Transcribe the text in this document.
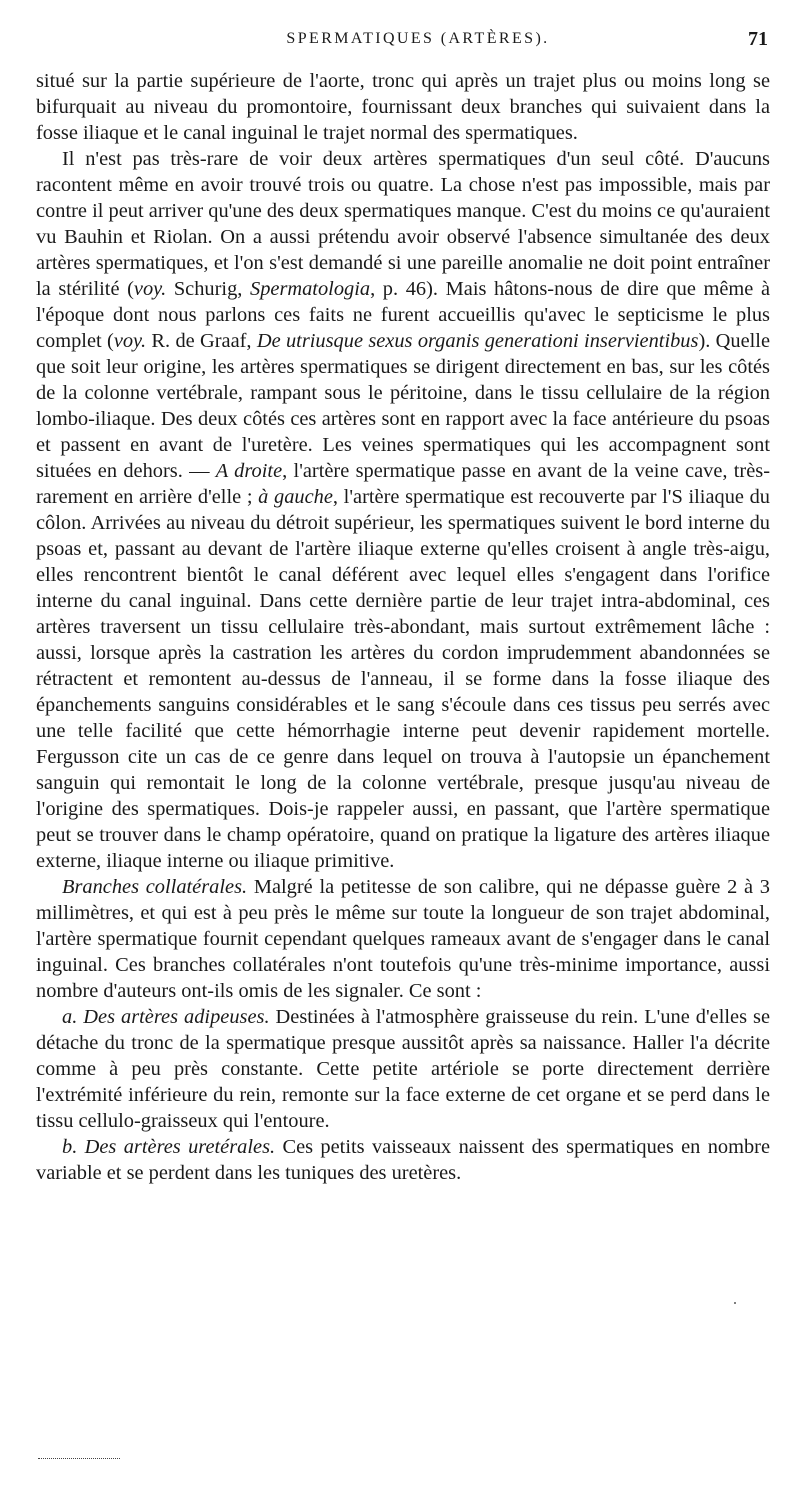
SPERMATIQUES (ARTÈRES).	71

situé sur la partie supérieure de l'aorte, tronc qui après un trajet plus ou moins long se bifurquait au niveau du promontoire, fournissant deux branches qui suivaient dans la fosse iliaque et le canal inguinal le trajet normal des spermatiques.

Il n'est pas très-rare de voir deux artères spermatiques d'un seul côté. D'aucuns racontent même en avoir trouvé trois ou quatre. La chose n'est pas impossible, mais par contre il peut arriver qu'une des deux spermatiques manque. C'est du moins ce qu'auraient vu Bauhin et Riolan. On a aussi prétendu avoir observé l'absence simultanée des deux artères spermatiques, et l'on s'est demandé si une pareille anomalie ne doit point entraîner la stérilité (voy. Schurig, Spermatologia, p. 46). Mais hâtons-nous de dire que même à l'époque dont nous parlons ces faits ne furent accueillis qu'avec le septicisme le plus complet (voy. R. de Graaf, De utriusque sexus organis generationi inservientibus). Quelle que soit leur origine, les artères spermatiques se dirigent directement en bas, sur les côtés de la colonne vertébrale, rampant sous le péritoine, dans le tissu cellulaire de la région lombo-iliaque. Des deux côtés ces artères sont en rapport avec la face antérieure du psoas et passent en avant de l'uretère. Les veines spermatiques qui les accompagnent sont situées en dehors. — A droite, l'artère spermatique passe en avant de la veine cave, très-rarement en arrière d'elle ; à gauche, l'artère spermatique est recouverte par l'S iliaque du côlon. Arrivées au niveau du détroit supérieur, les spermatiques suivent le bord interne du psoas et, passant au devant de l'artère iliaque externe qu'elles croisent à angle très-aigu, elles rencontrent bientôt le canal déférent avec lequel elles s'engagent dans l'orifice interne du canal inguinal. Dans cette dernière partie de leur trajet intra-abdominal, ces artères traversent un tissu cellulaire très-abondant, mais surtout extrêmement lâche : aussi, lorsque après la castration les artères du cordon imprudemment abandonnées se rétractent et remontent au-dessus de l'anneau, il se forme dans la fosse iliaque des épanchements sanguins considérables et le sang s'écoule dans ces tissus peu serrés avec une telle facilité que cette hémorrhagie interne peut devenir rapidement mortelle. Fergusson cite un cas de ce genre dans lequel on trouva à l'autopsie un épanchement sanguin qui remontait le long de la colonne vertébrale, presque jusqu'au niveau de l'origine des spermatiques. Dois-je rappeler aussi, en passant, que l'artère spermatique peut se trouver dans le champ opératoire, quand on pratique la ligature des artères iliaque externe, iliaque interne ou iliaque primitive.

Branches collatérales. Malgré la petitesse de son calibre, qui ne dépasse guère 2 à 3 millimètres, et qui est à peu près le même sur toute la longueur de son trajet abdominal, l'artère spermatique fournit cependant quelques rameaux avant de s'engager dans le canal inguinal. Ces branches collatérales n'ont toutefois qu'une très-minime importance, aussi nombre d'auteurs ont-ils omis de les signaler. Ce sont :

a. Des artères adipeuses. Destinées à l'atmosphère graisseuse du rein. L'une d'elles se détache du tronc de la spermatique presque aussitôt après sa naissance. Haller l'a décrite comme à peu près constante. Cette petite artériole se porte directement derrière l'extrémité inférieure du rein, remonte sur la face externe de cet organe et se perd dans le tissu cellulo-graisseux qui l'entoure.

b. Des artères uretérales. Ces petits vaisseaux naissent des spermatiques en nombre variable et se perdent dans les tuniques des uretères.
